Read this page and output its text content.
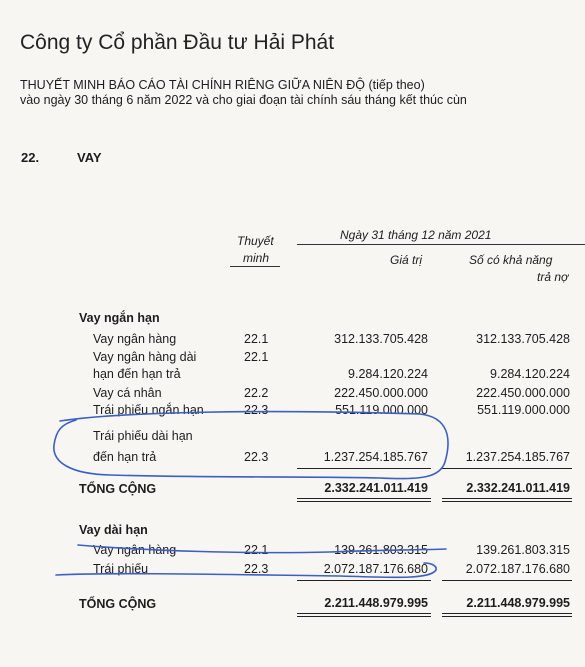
Công ty Cổ phần Đầu tư Hải Phát
THUYẾT MINH BÁO CÁO TÀI CHÍNH RIÊNG GIỮA NIÊN ĐỘ (tiếp theo)
vào ngày 30 tháng 6 năm 2022 và cho giai đoạn tài chính sáu tháng kết thúc cùn
22.	VAY
Thuyết
minh
Ngày 31 tháng 12 năm 2021
Giá trị	Số có khả năng
trả nợ
Vay ngắn hạn
Vay ngân hàng	22.1	312.133.705.428	312.133.705.428
Vay ngân hàng dài	22.1
hạn đến hạn trả	9.284.120.224	9.284.120.224
Vay cá nhân	22.2	222.450.000.000	222.450.000.000
Trái phiếu ngắn hạn	22.3	551.119.000.000	551.119.000.000
Trái phiếu dài hạn
đến hạn trả	22.3	1.237.254.185.767	1.237.254.185.767
TỔNG CỘNG	2.332.241.011.419	2.332.241.011.419
Vay dài hạn
Vay ngân hàng	22.1	139.261.803.315	139.261.803.315
Trái phiếu	22.3	2.072.187.176.680	2.072.187.176.680
TỔNG CỘNG	2.211.448.979.995	2.211.448.979.995
